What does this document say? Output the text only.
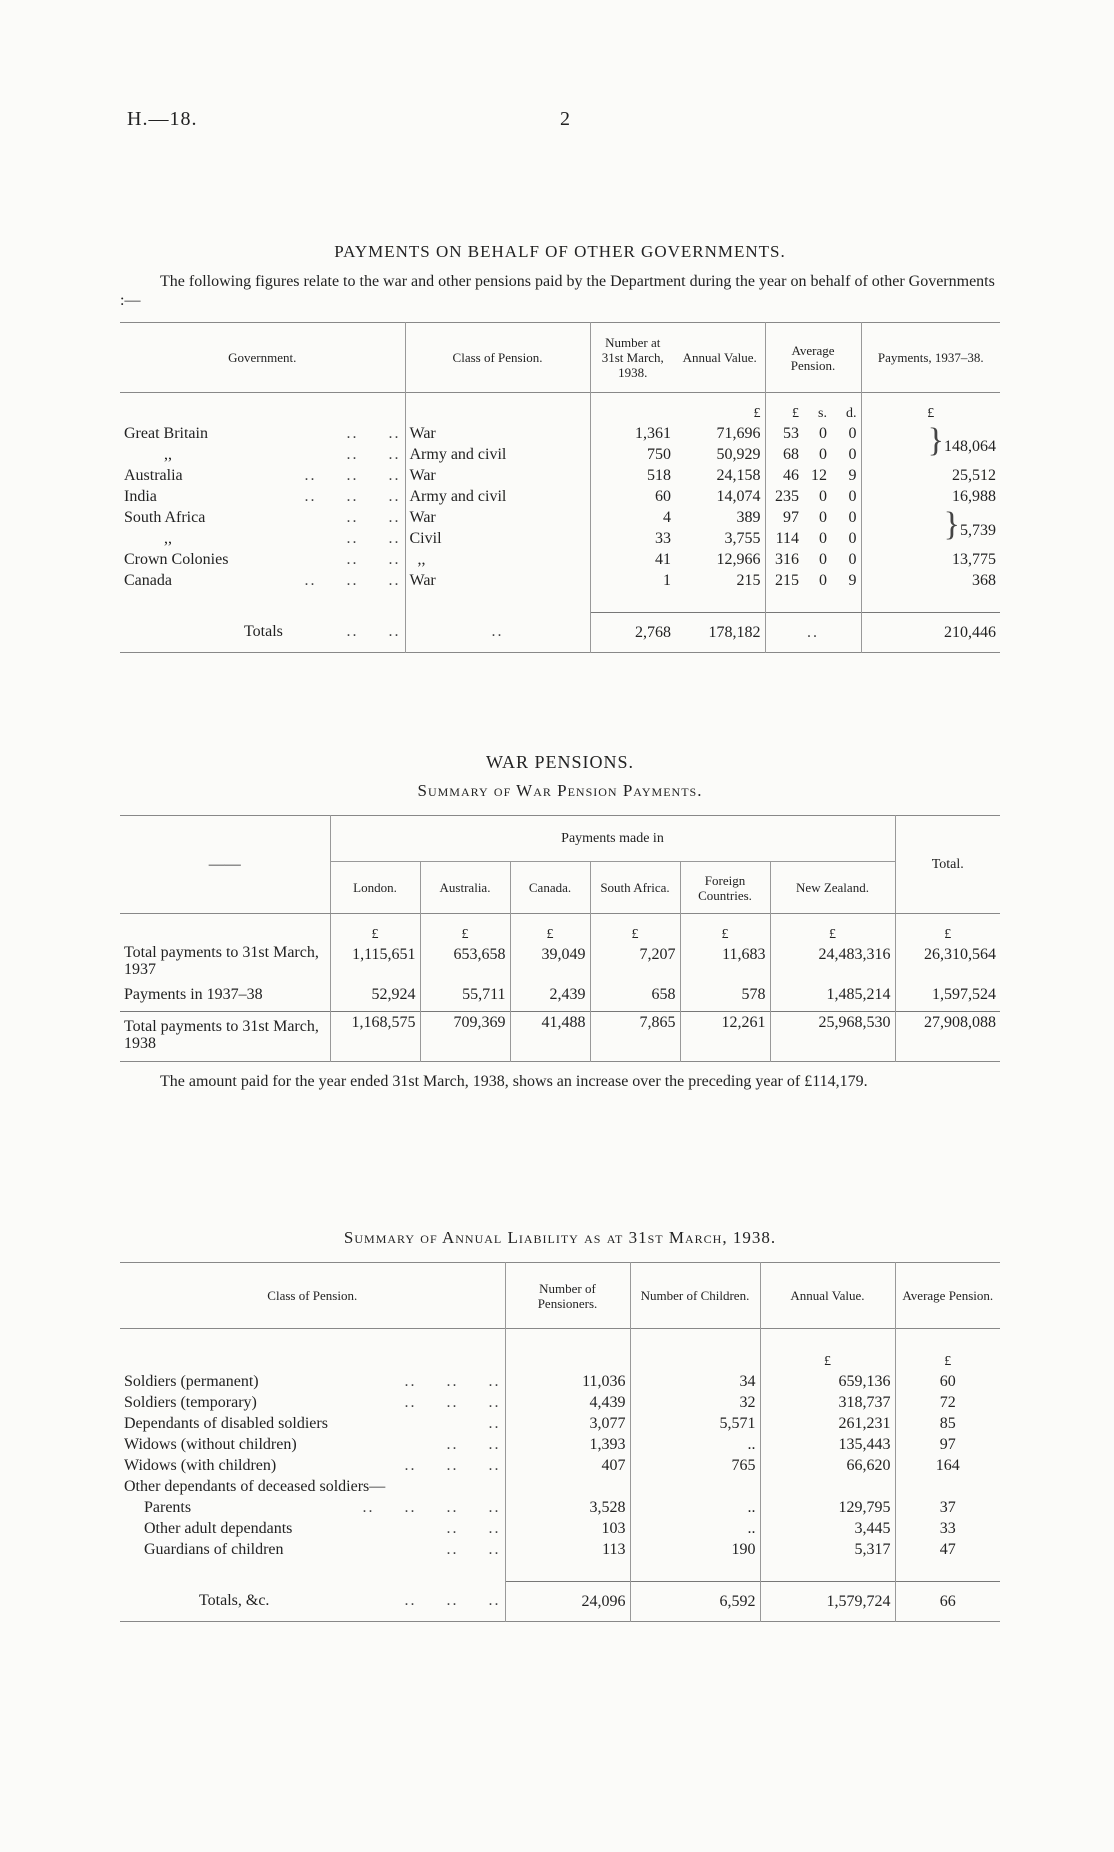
H.—18.	2
PAYMENTS ON BEHALF OF OTHER GOVERNMENTS.

The following figures relate to the war and other pensions paid by the Department during the year on behalf of other Governments :—

Government.	Class of Pension.	Number at 31st March, 1938.	Annual Value.	Average Pension.			Payments, 1937–38.
			£	£	s.	d.	£
Great Britain ..     ..	War	1,361	71,696	53	0	0	}148,064
,, ..     ..	Army and civil	750	50,929	68	0	0	
Australia ..     ..     ..	War	518	24,158	46	12	9	25,512
India ..     ..     ..	Army and civil	60	14,074	235	0	0	16,988
South Africa ..     ..	War	4	389	97	0	0	}5,739
,, ..     ..	Civil	33	3,755	114	0	0	
Crown Colonies ..     ..	,,	41	12,966	316	0	0	13,775
Canada ..     ..     ..	War	1	215	215	0	9	368

Totals ..     ..	..	2,768	178,182	..			210,446
WAR PENSIONS.
Summary of War Pension Payments.
——	Payments made in						Total.
	London.	Australia.	Canada.	South Africa.	Foreign Countries.	New Zealand.	
	£	£	£	£	£	£	£
Total payments to 31st March, 1937	1,115,651	653,658	39,049	7,207	11,683	24,483,316	26,310,564
Payments in 1937–38	52,924	55,711	2,439	658	578	1,485,214	1,597,524
Total payments to 31st March, 1938	1,168,575	709,369	41,488	7,865	12,261	25,968,530	27,908,088

The amount paid for the year ended 31st March, 1938, shows an increase over the preceding year of £114,179.

Summary of Annual Liability as at 31st March, 1938.
Class of Pension.	Number of Pensioners.	Number of Children.	Annual Value.	Average Pension.
			£	£
Soldiers (permanent) ..     ..     ..	11,036	34	659,136	60
Soldiers (temporary) ..     ..     ..	4,439	32	318,737	72
Dependants of disabled soldiers ..	3,077	5,571	261,231	85
Widows (without children) ..     ..	1,393	..	135,443	97
Widows (with children) ..     ..     ..	407	765	66,620	164
Other dependants of deceased soldiers—				
Parents ..     ..     ..     ..	3,528	..	129,795	37
Other adult dependants ..     ..	103	..	3,445	33
Guardians of children ..     ..	113	190	5,317	47

Totals, &c. ..     ..     ..	24,096	6,592	1,579,724	66
